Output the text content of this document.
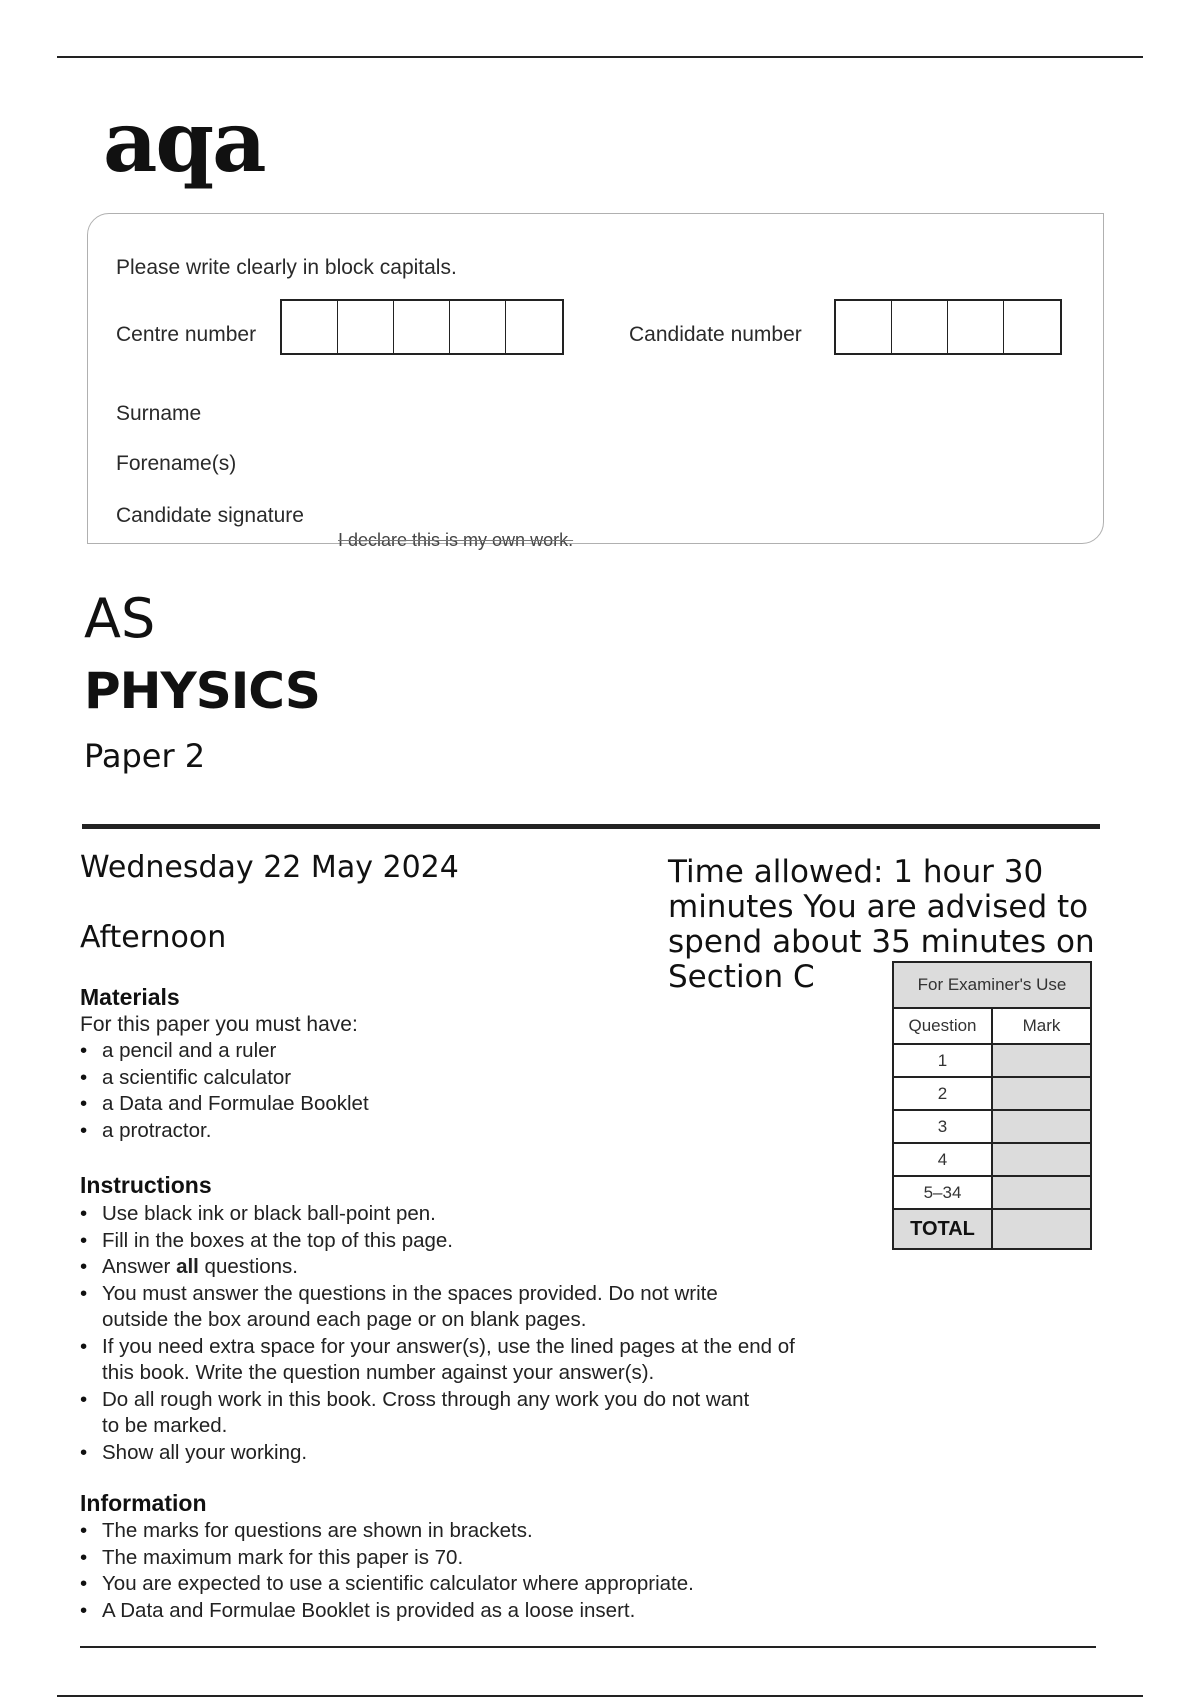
aqa
Please write clearly in block capitals.
Centre number	Candidate number
Surname
Forename(s)
Candidate signature
I declare this is my own work.
AS
PHYSICS
Paper 2
Wednesday 22 May 2024
Afternoon
Time allowed: 1 hour 30 minutes You are advised to spend about 35 minutes on Section C	For Examiner's Use	
Question	Mark
1	
2	
3	
4	
5–34	
TOTAL	
Materials
For this paper you must have:
• a pencil and a ruler
• a scientific calculator
• a Data and Formulae Booklet
• a protractor.
Instructions
• Use black ink or black ball-point pen.
• Fill in the boxes at the top of this page.
• Answer all questions.
• You must answer the questions in the spaces provided. Do not write
outside the box around each page or on blank pages.
• If you need extra space for your answer(s), use the lined pages at the end of
this book. Write the question number against your answer(s).
• Do all rough work in this book. Cross through any work you do not want
to be marked.
• Show all your working.
Information
• The marks for questions are shown in brackets.
• The maximum mark for this paper is 70.
• You are expected to use a scientific calculator where appropriate.
• A Data and Formulae Booklet is provided as a loose insert.
